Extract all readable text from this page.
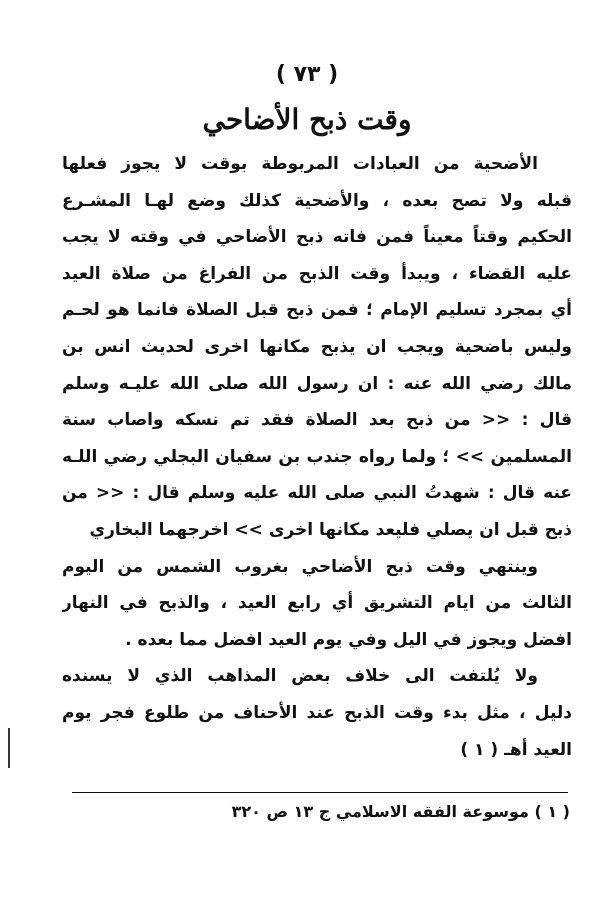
( ٧٣ )
وقت ذبح الأضاحي
الأضحية من العبادات المربوطة بوقت لا يجوز فعلها
قبله ولا تصح بعده ، والأضحية كذلك وضع لهـا المشـرع
الحكيم وقتاً معيناً فمن فاته ذبح الأضاحي في وقته لا يجب
عليه القضاء ، ويبدأ وقت الذبح من الفراغ من صلاة العيد
أي بمجرد تسليم الإمام ؛ فمن ذبح قبل الصلاة فانما هو لحـم
وليس باضحية ويجب ان يذبح مكانها اخرى لحديث انس بن
مالك رضي الله عنه : ان رسول الله صلى الله عليـه وسلم
قال : << من ذبح بعد الصلاة فقد تم نسكه واصاب سنة
المسلمين >> ؛ ولما رواه جندب بن سفيان البجلي رضي اللـه
عنه قال : شهدتُ النبي صلى الله عليه وسلم قال : << من
ذبح قبل ان يصلي فليعد مكانها اخرى >> اخرجهما البخاري
وينتهي وقت ذبح الأضاحي بغروب الشمس من اليوم
الثالث من ايام التشريق أي رابع العيد ، والذبح في النهار
افضل ويجوز في اليل وفي يوم العيد افضل مما بعده .
ولا يُلتفت الى خلاف بعض المذاهب الذي لا يسنده
دليل ، مثل بدء وقت الذبح عند الأحناف من طلوع فجر يوم
العيد أهـ ( ١ )
( ١ ) موسوعة الفقه الاسلامي ج ١٣ ص ٣٢٠
